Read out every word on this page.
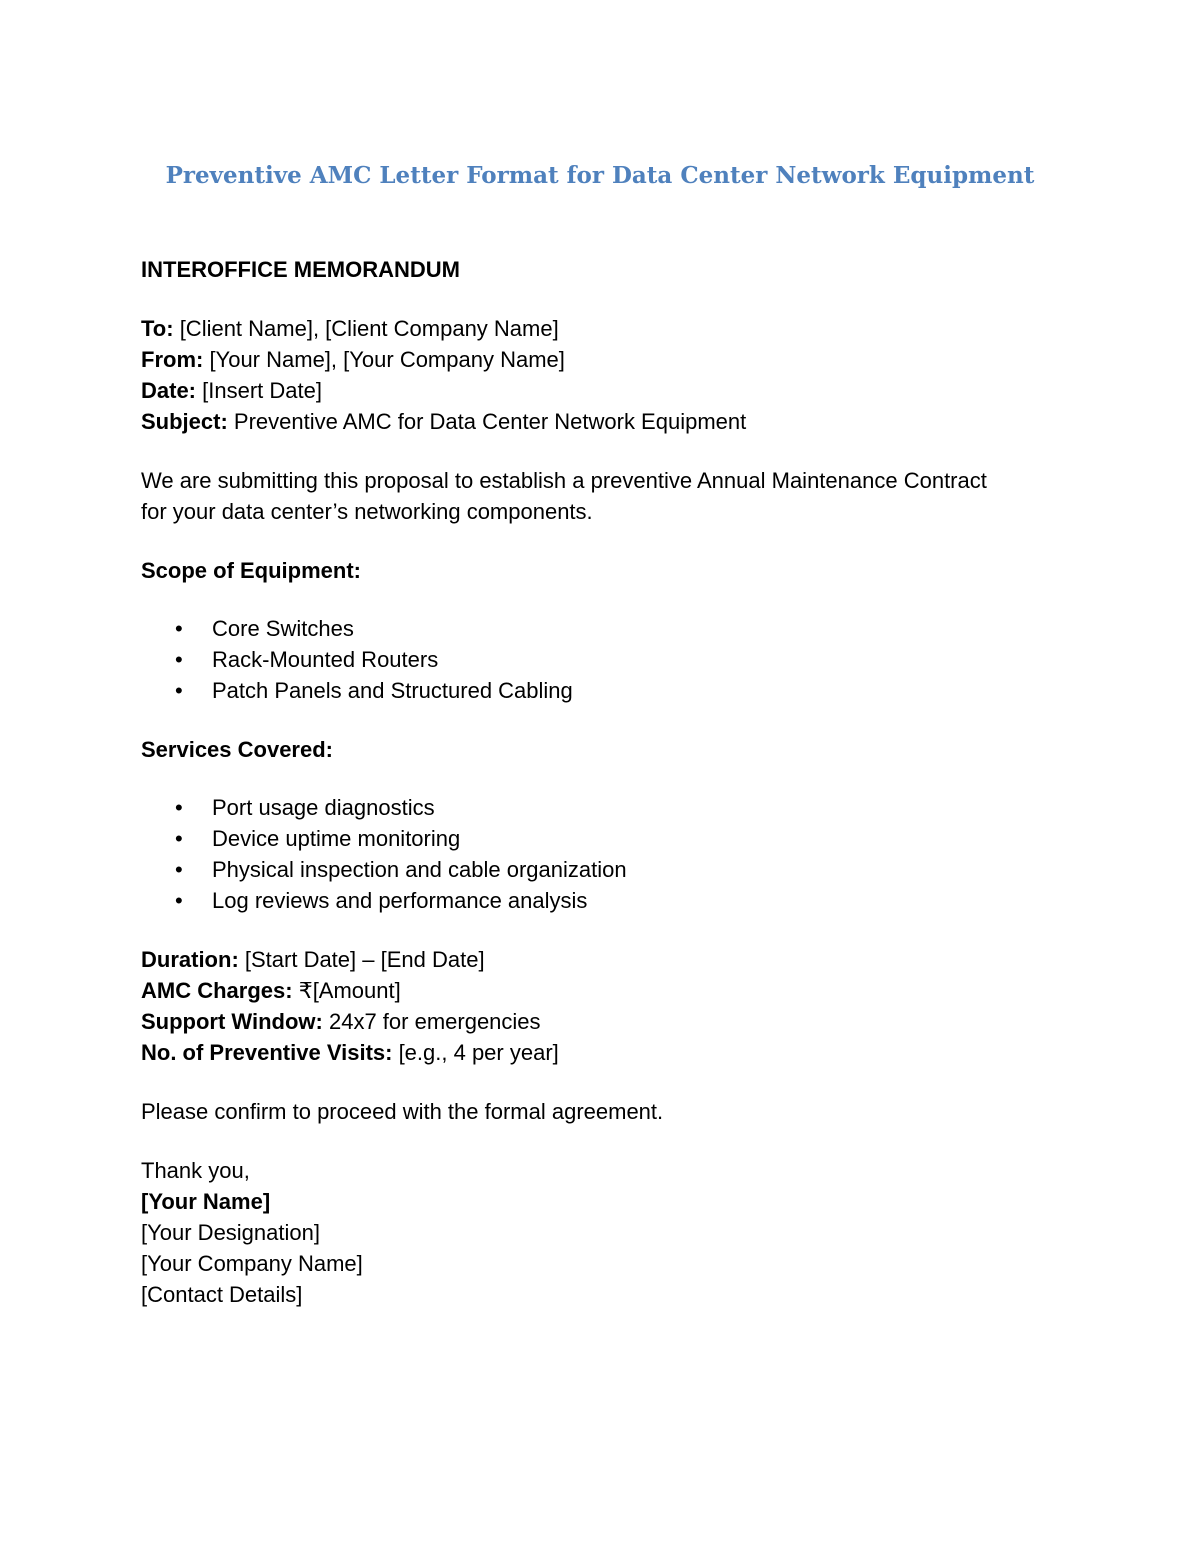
Preventive AMC Letter Format for Data Center Network Equipment
INTEROFFICE MEMORANDUM
To: [Client Name], [Client Company Name]
From: [Your Name], [Your Company Name]
Date: [Insert Date]
Subject: Preventive AMC for Data Center Network Equipment
We are submitting this proposal to establish a preventive Annual Maintenance Contract
for your data center’s networking components.
Scope of Equipment:
• Core Switches
• Rack-Mounted Routers
• Patch Panels and Structured Cabling
Services Covered:
• Port usage diagnostics
• Device uptime monitoring
• Physical inspection and cable organization
• Log reviews and performance analysis
Duration: [Start Date] – [End Date]
AMC Charges: ₹[Amount]
Support Window: 24x7 for emergencies
No. of Preventive Visits: [e.g., 4 per year]
Please confirm to proceed with the formal agreement.
Thank you,
[Your Name]
[Your Designation]
[Your Company Name]
[Contact Details]
